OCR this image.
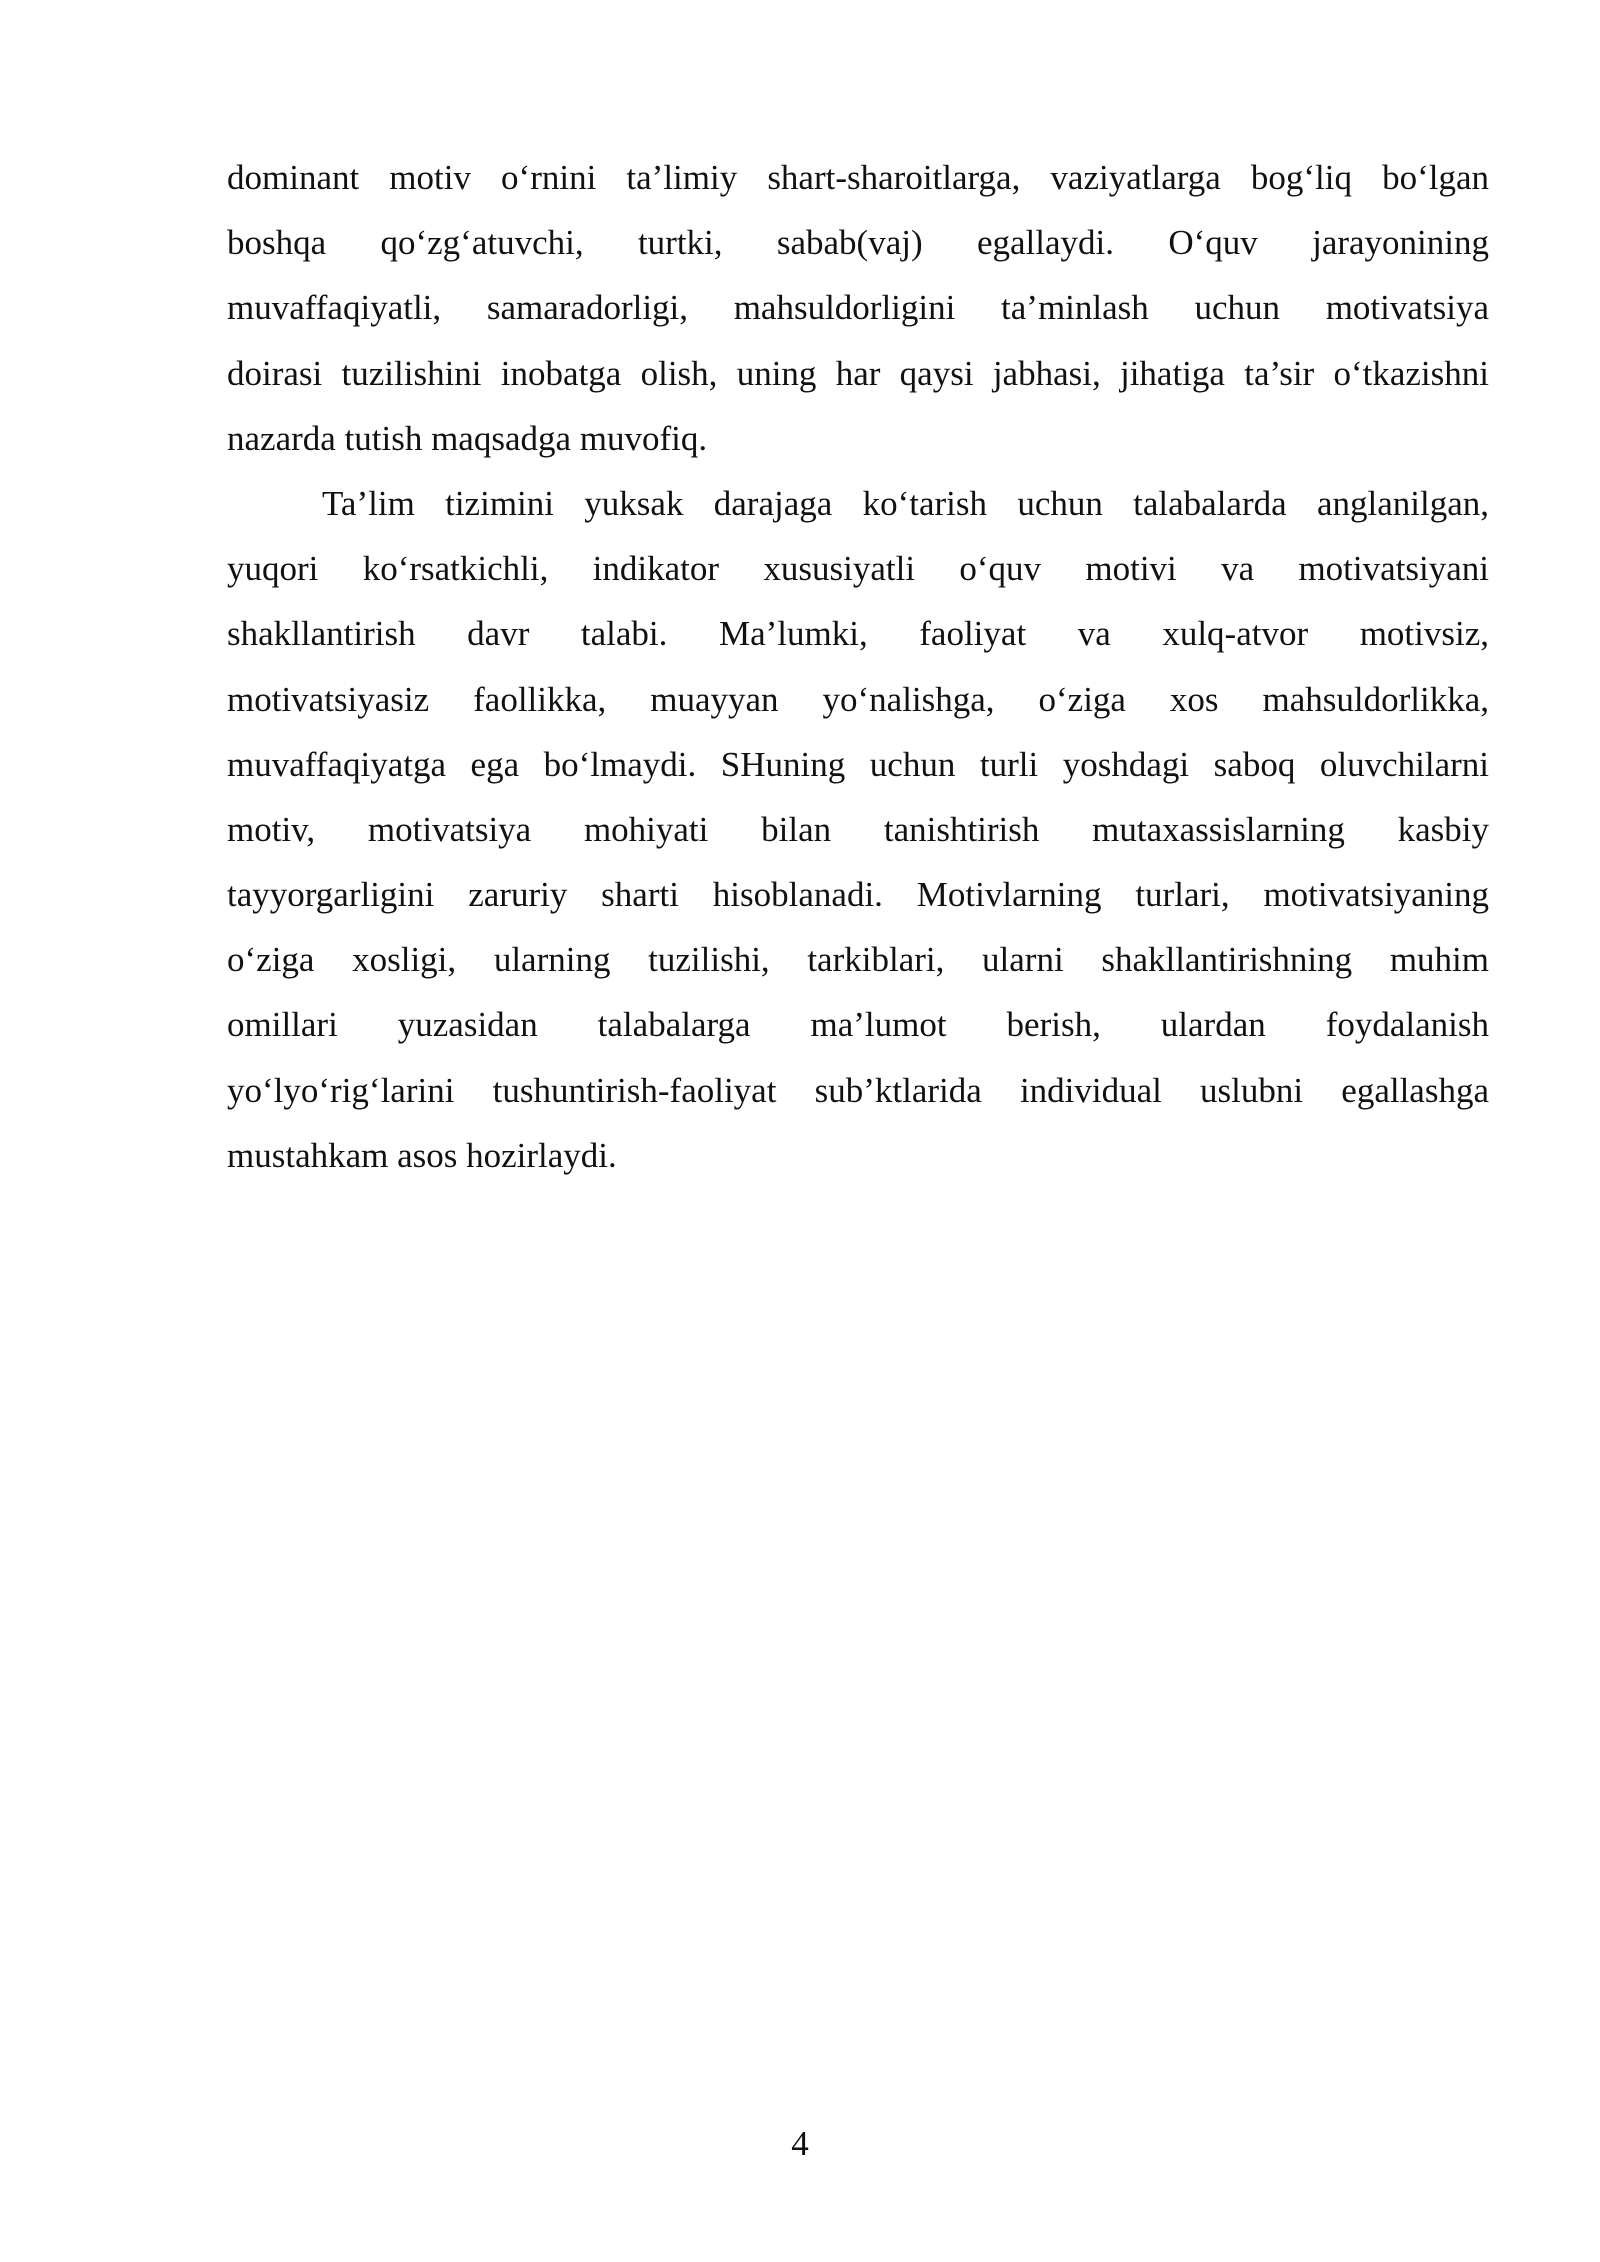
dominant motiv o‘rnini ta’limiy shart-sharoitlarga, vaziyatlarga bog‘liq bo‘lgan
boshqa qo‘zg‘atuvchi, turtki, sabab(vaj) egallaydi. O‘quv jarayonining
muvaffaqiyatli, samaradorligi, mahsuldorligini ta’minlash uchun motivatsiya
doirasi tuzilishini inobatga olish, uning har qaysi jabhasi, jihatiga ta’sir o‘tkazishni
nazarda tutish maqsadga muvofiq.
Ta’lim tizimini yuksak darajaga ko‘tarish uchun talabalarda anglanilgan,
yuqori ko‘rsatkichli, indikator xususiyatli o‘quv motivi va motivatsiyani
shakllantirish davr talabi. Ma’lumki, faoliyat va xulq-atvor motivsiz,
motivatsiyasiz faollikka, muayyan yo‘nalishga, o‘ziga xos mahsuldorlikka,
muvaffaqiyatga ega bo‘lmaydi. SHuning uchun turli yoshdagi saboq oluvchilarni
motiv, motivatsiya mohiyati bilan tanishtirish mutaxassislarning kasbiy
tayyorgarligini zaruriy sharti hisoblanadi. Motivlarning turlari, motivatsiyaning
o‘ziga xosligi, ularning tuzilishi, tarkiblari, ularni shakllantirishning muhim
omillari yuzasidan talabalarga ma’lumot berish, ulardan foydalanish
yo‘lyo‘rig‘larini tushuntirish-faoliyat sub’ktlarida individual uslubni egallashga
mustahkam asos hozirlaydi.
4
